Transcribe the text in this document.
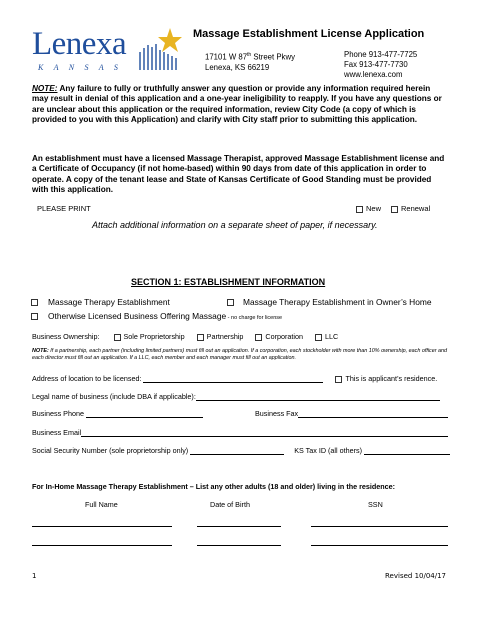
Lenexa
K A N S A S
Massage Establishment License Application
17101 W 87th Street Pkwy
Lenexa, KS 66219
Phone 913-477-7725
Fax 913-477-7730
www.lenexa.com
NOTE: Any failure to fully or truthfully answer any question or provide any information required herein may result in denial of this application and a one-year ineligibility to reapply. If you have any questions or are unclear about this application or the required information, review City Code (a copy of which is provided to you with this Application) and clarify with City staff prior to submitting this application.
An establishment must have a licensed Massage Therapist, approved Massage Establishment license and a Certificate of Occupancy (if not home-based) within 90 days from date of this application in order to operate. A copy of the tenant lease and State of Kansas Certificate of Good Standing must be provided with this application.
PLEASE PRINT	New	Renewal
Attach additional information on a separate sheet of paper, if necessary.
SECTION 1: ESTABLISHMENT INFORMATION
Massage Therapy Establishment	Massage Therapy Establishment in Owner’s Home
Otherwise Licensed Business Offering Massage - no charge for license
Business Ownership:	Sole Proprietorship	Partnership	Corporation	LLC
NOTE: If a partnership, each partner (including limited partners) must fill out an application. If a corporation, each stockholder with more than 10% ownership, each officer and each director must fill out an application. If a LLC, each member and each manager must fill out an application.
Address of location to be licensed:	This is applicant’s residence.
Legal name of business (include DBA if applicable):
Business Phone	Business Fax
Business Email
Social Security Number (sole proprietorship only)	KS Tax ID (all others)
For In-Home Massage Therapy Establishment – List any other adults (18 and older) living in the residence:
Full Name	Date of Birth	SSN
1	Revised 10/04/17
